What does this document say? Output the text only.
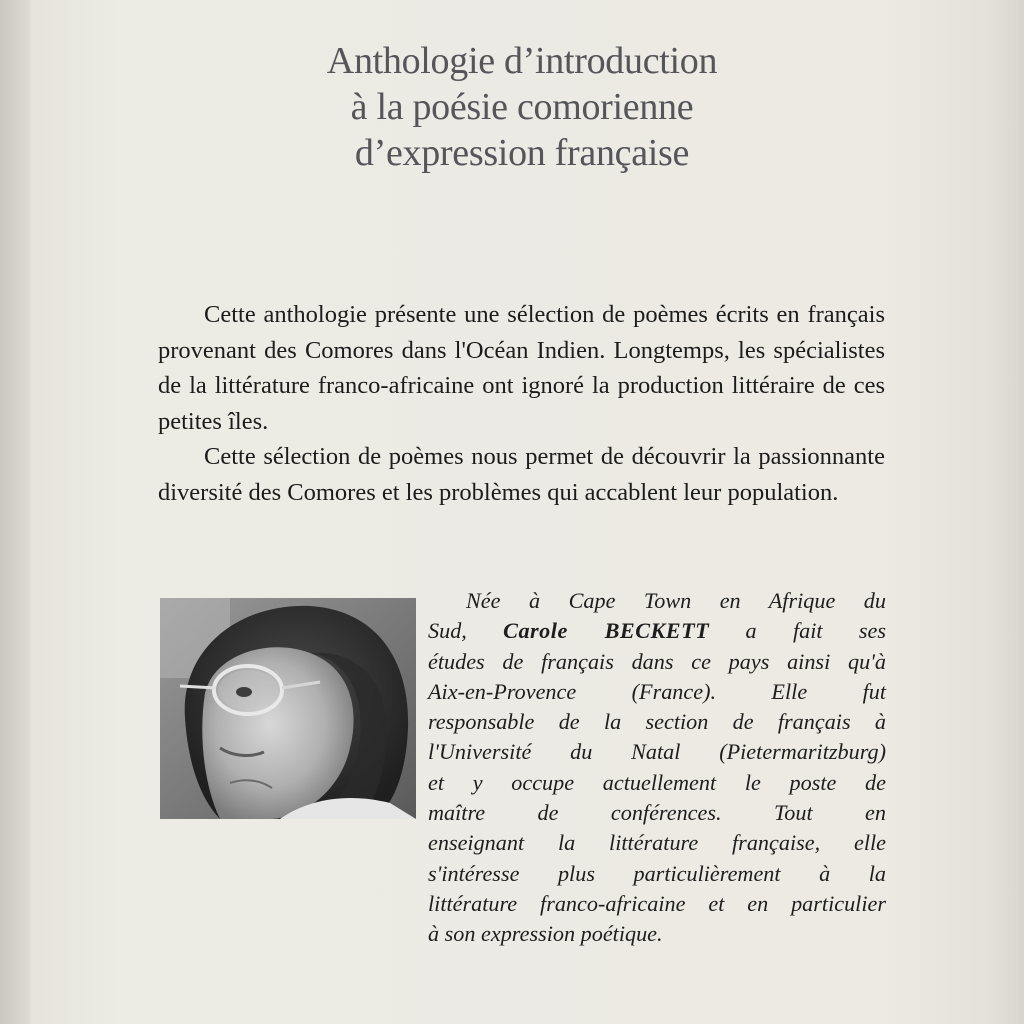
Anthologie d’introduction
à la poésie comorienne
d’expression française

Cette anthologie présente une sélection de poèmes écrits en français provenant des Comores dans l'Océan Indien. Longtemps, les spécialistes de la littérature franco-africaine ont ignoré la production littéraire de ces petites îles.

Cette sélection de poèmes nous permet de découvrir la passionnante diversité des Comores et les problèmes qui accablent leur population.

Née à Cape Town en Afrique du
Sud, Carole BECKETT a fait ses
études de français dans ce pays ainsi qu'à
Aix-en-Provence (France). Elle fut
responsable de la section de français à
l'Université du Natal (Pietermaritzburg)
et y occupe actuellement le poste de
maître de conférences. Tout en
enseignant la littérature française, elle
s'intéresse plus particulièrement à la
littérature franco-africaine et en particulier
à son expression poétique.
